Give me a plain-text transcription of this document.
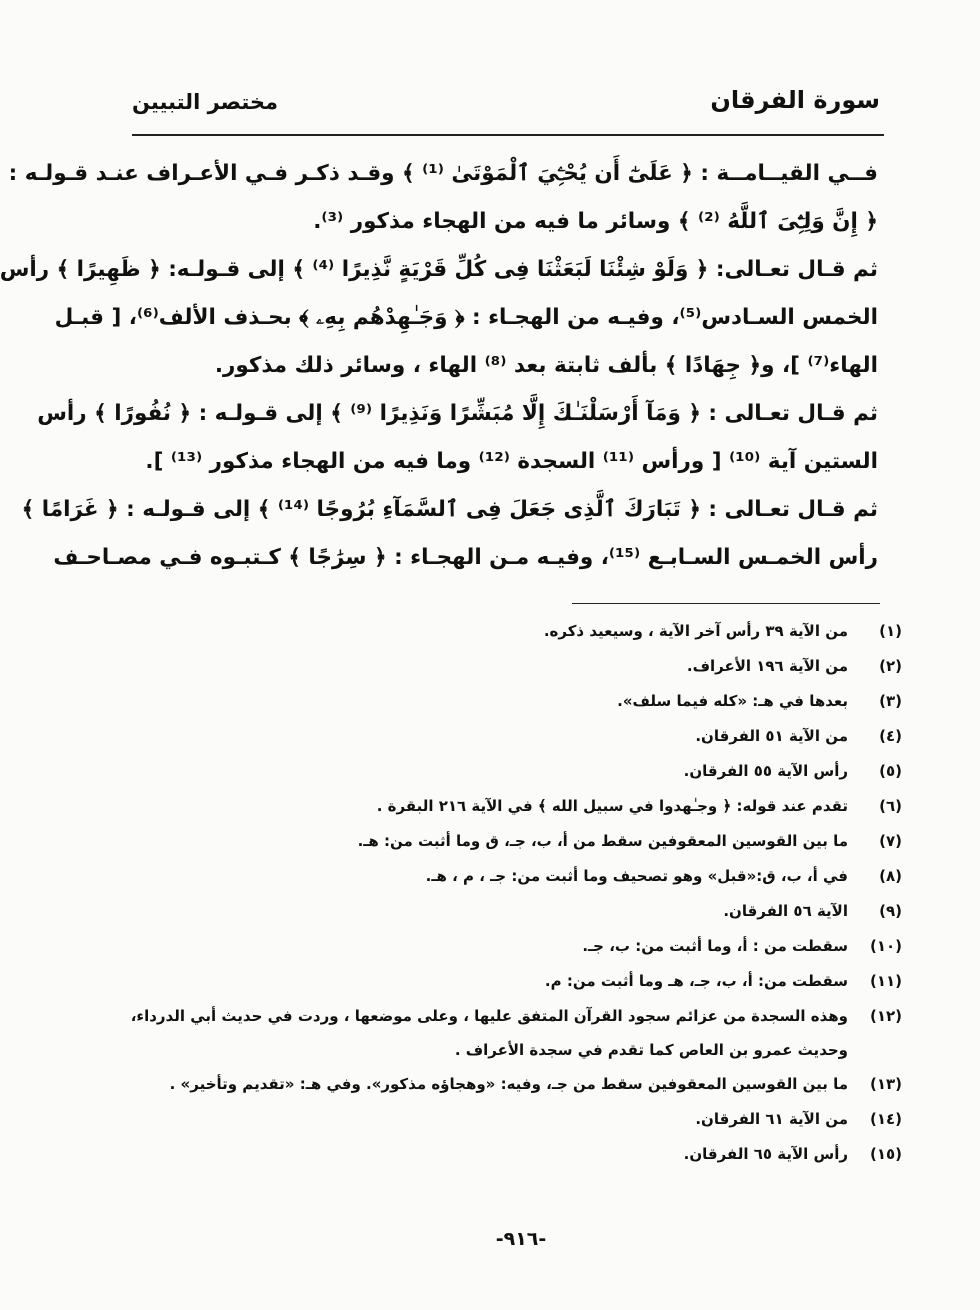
سورة الفرقان
مختصر التبيين
فــي القيــامــة : ﴿ عَلَىٰٓ أَن يُحْـِۧيَ ٱلْمَوْتَىٰ ⁽¹⁾ ﴾ وقـد ذكـر فـي الأعـراف عنـد قـولـه :
﴿ إِنَّ وَلِـِّۧىَ ٱللَّهُ ⁽²⁾ ﴾ وسائر ما فيه من الهجاء مذكور ⁽³⁾.
ثم قـال تعـالى: ﴿ وَلَوْ شِئْنَا لَبَعَثْنَا فِى كُلِّ قَرْيَةٍ نَّذِيرًا ⁽⁴⁾ ﴾ إلى قـولـه: ﴿ ظَهِيرًا ﴾ رأس
الخمس السـادس⁽⁵⁾، وفيـه من الهجـاء : ﴿ وَجَـٰهِدْهُم بِهِۦ ﴾ بحـذف الألف⁽⁶⁾، [ قبـل
الهاء⁽⁷⁾ ]، و﴿ جِهَادًا ﴾ بألف ثابتة بعد ⁽⁸⁾ الهاء ، وسائر ذلك مذكور.
ثم قـال تعـالى : ﴿ وَمَآ أَرْسَلْنَـٰكَ إِلَّا مُبَشِّرًا وَنَذِيرًا ⁽⁹⁾ ﴾ إلى قـولـه : ﴿ نُفُورًا ﴾ رأس
الستين آية ⁽¹⁰⁾ [ ورأس ⁽¹¹⁾ السجدة ⁽¹²⁾ وما فيه من الهجاء مذكور ⁽¹³⁾ ].
ثم قـال تعـالى : ﴿ تَبَارَكَ ٱلَّذِى جَعَلَ فِى ٱلسَّمَآءِ بُرُوجًا ⁽¹⁴⁾ ﴾ إلى قـولـه : ﴿ غَرَامًا ﴾
رأس الخمـس السـابـع ⁽¹⁵⁾، وفيـه مـن الهجـاء : ﴿ سِرَٰجًا ﴾ كـتبـوه فـي مصـاحـف
(١)
من الآية ٣٩ رأس آخر الآية ، وسيعيد ذكره.
(٢)
من الآية ١٩٦ الأعراف.
(٣)
بعدها في هـ: «كله فيما سلف».
(٤)
من الآية ٥١ الفرقان.
(٥)
رأس الآية ٥٥ الفرقان.
(٦)
تقدم عند قوله: ﴿ وجـٰهدوا في سبيل الله ﴾ في الآية ٢١٦ البقرة .
(٧)
ما بين القوسين المعقوفين سقط من أ، ب، جـ، ق وما أثبت من: هـ.
(٨)
في أ، ب، ق:«قبل» وهو تصحيف وما أثبت من: جـ ، م ، هـ.
(٩)
الآية ٥٦ الفرقان.
(١٠)
سقطت من : أ، وما أثبت من: ب، جـ.
(١١)
سقطت من: أ، ب، جـ، هـ وما أثبت من: م.
(١٢)
وهذه السجدة من عزائم سجود القرآن المتفق عليها ، وعلى موضعها ، وردت في حديث أبي الدرداء،
وحديث عمرو بن العاص كما تقدم في سجدة الأعراف .
(١٣)
ما بين القوسين المعقوفين سقط من جـ، وفيه: «وهجاؤه مذكور». وفي هـ: «تقديم وتأخير» .
(١٤)
من الآية ٦١ الفرقان.
(١٥)
رأس الآية ٦٥ الفرقان.
-٩١٦-
